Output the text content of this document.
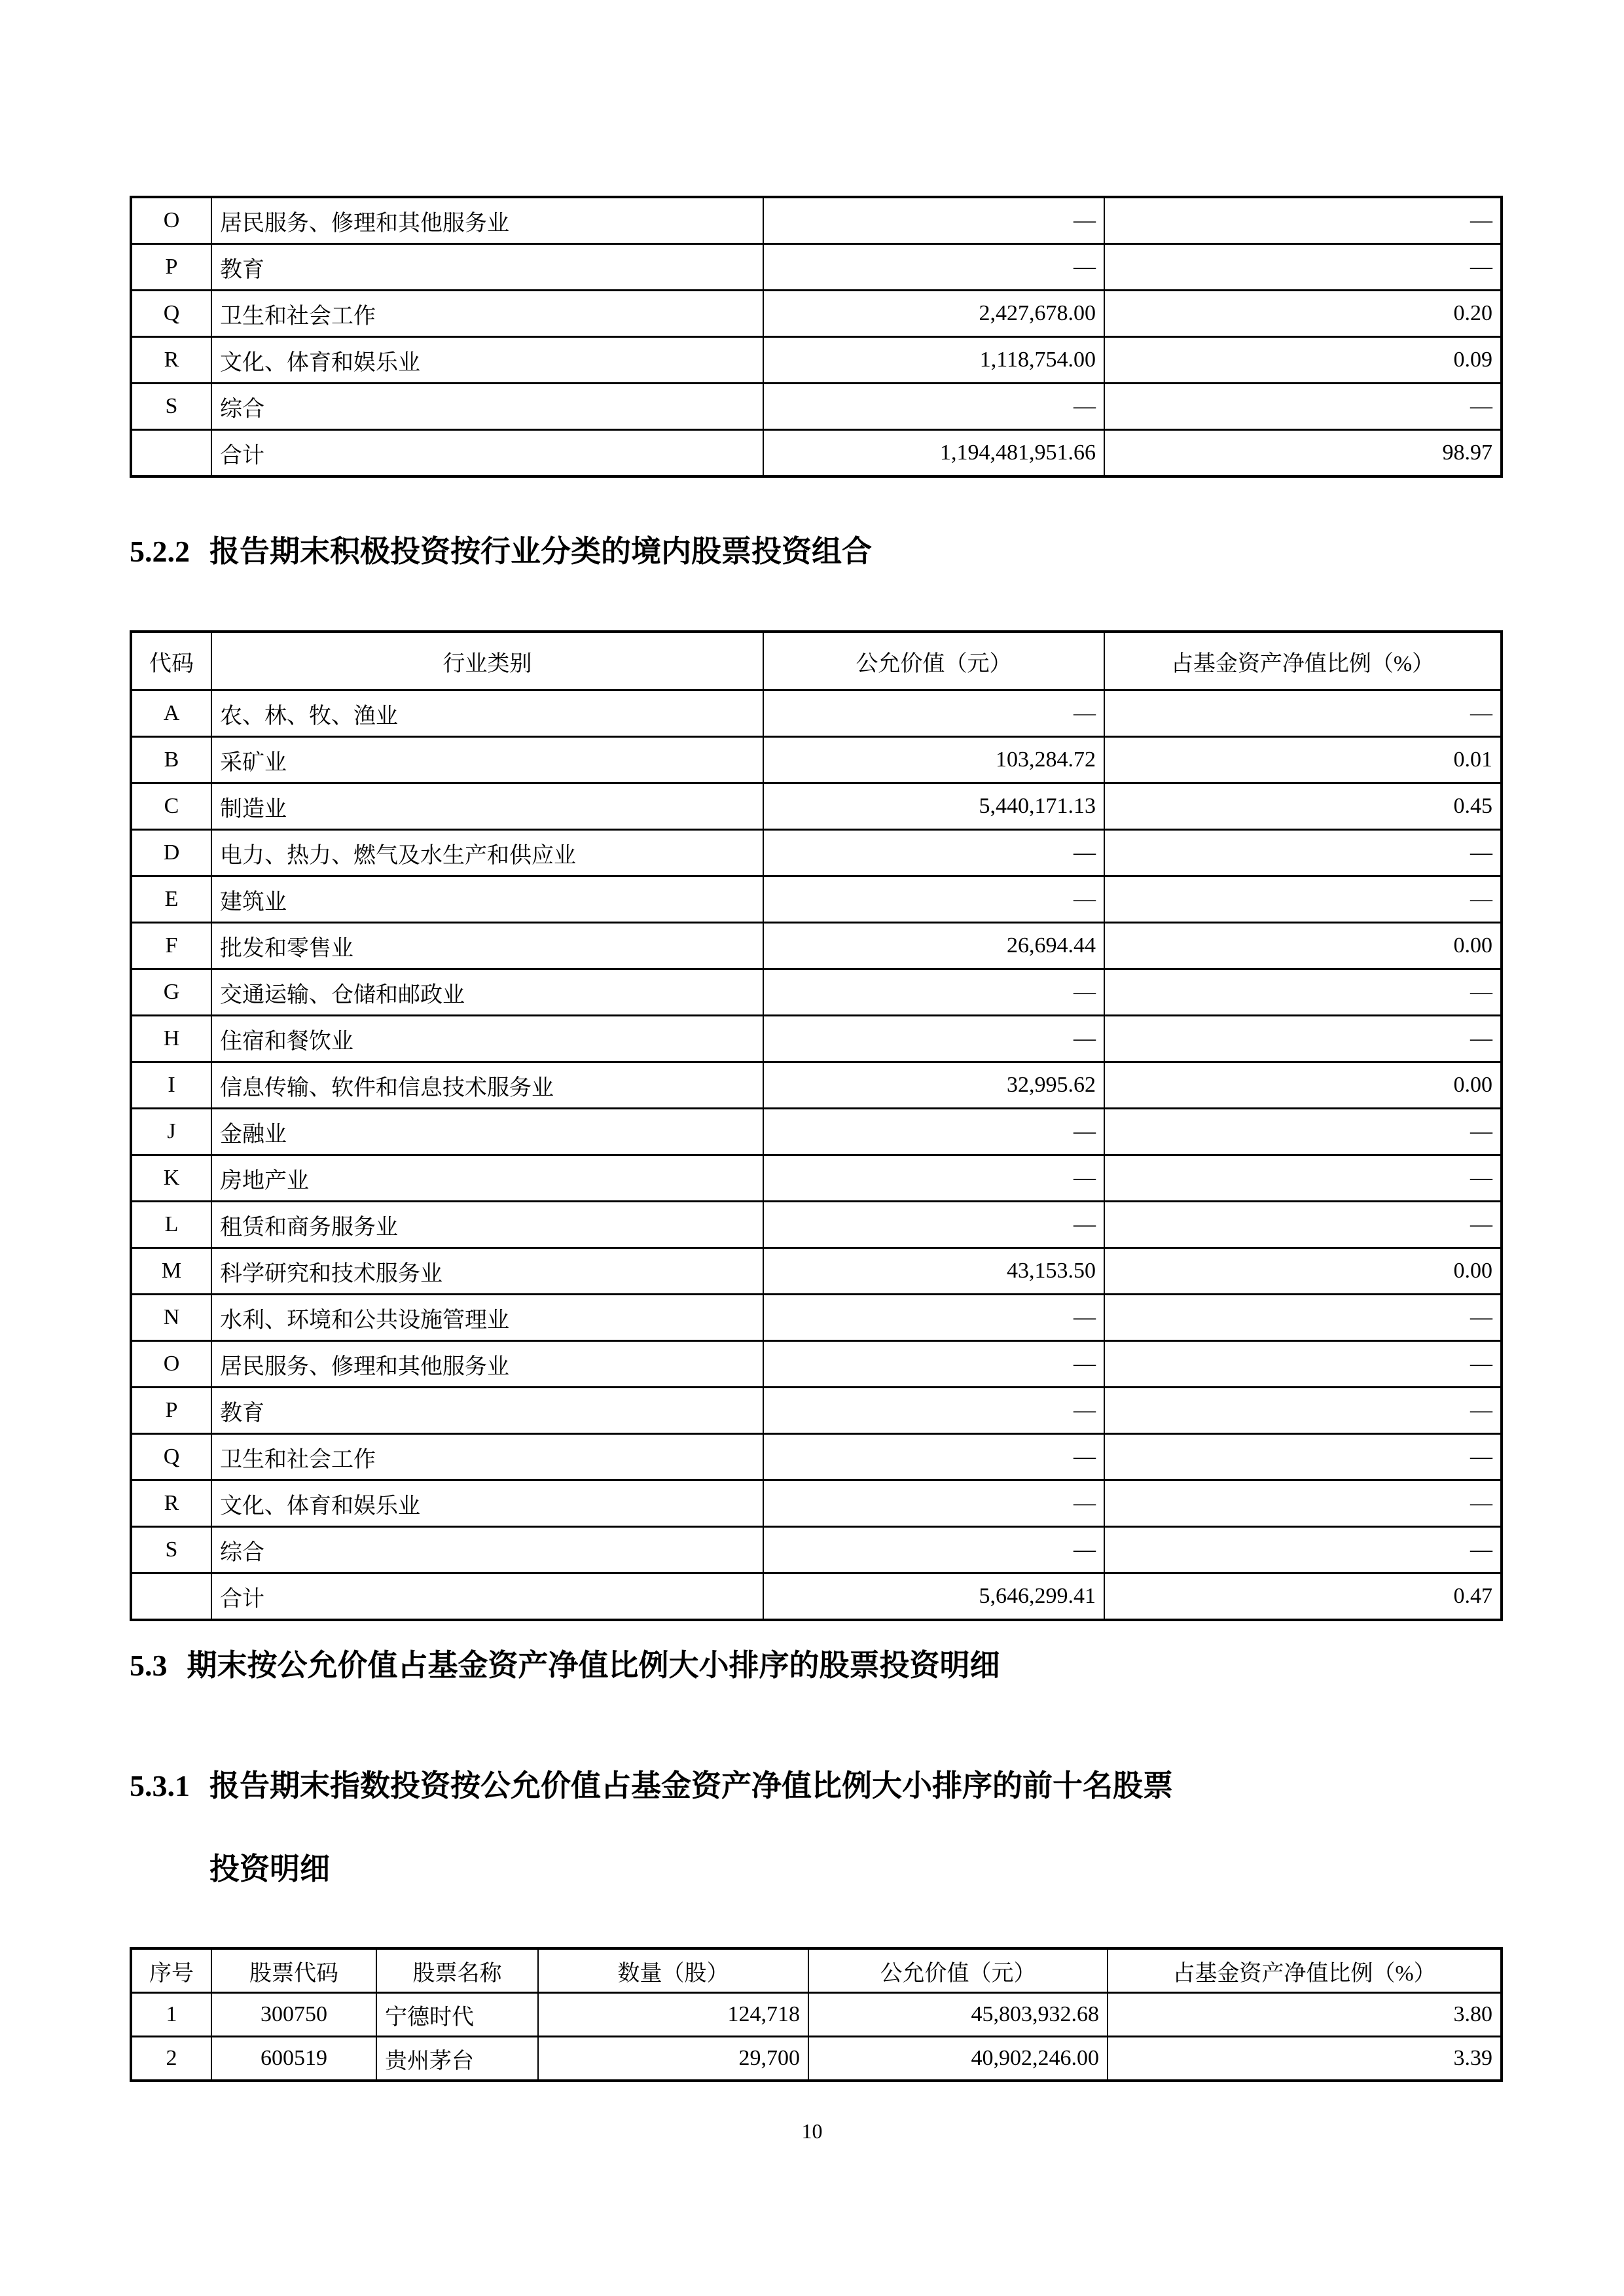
O	居民服务、修理和其他服务业	—	—
P	教育	—	—
Q	卫生和社会工作	2,427,678.00	0.20
R	文化、体育和娱乐业	1,118,754.00	0.09
S	综合	—	—
	合计	1,194,481,951.66	98.97
5.2.2 报告期末积极投资按行业分类的境内股票投资组合
代码	行业类别	公允价值（元）	占基金资产净值比例（%）
A	农、林、牧、渔业	—	—
B	采矿业	103,284.72	0.01
C	制造业	5,440,171.13	0.45
D	电力、热力、燃气及水生产和供应业	—	—
E	建筑业	—	—
F	批发和零售业	26,694.44	0.00
G	交通运输、仓储和邮政业	—	—
H	住宿和餐饮业	—	—
I	信息传输、软件和信息技术服务业	32,995.62	0.00
J	金融业	—	—
K	房地产业	—	—
L	租赁和商务服务业	—	—
M	科学研究和技术服务业	43,153.50	0.00
N	水利、环境和公共设施管理业	—	—
O	居民服务、修理和其他服务业	—	—
P	教育	—	—
Q	卫生和社会工作	—	—
R	文化、体育和娱乐业	—	—
S	综合	—	—
	合计	5,646,299.41	0.47
5.3 期末按公允价值占基金资产净值比例大小排序的股票投资明细
5.3.1 报告期末指数投资按公允价值占基金资产净值比例大小排序的前十名股票
投资明细
序号	股票代码	股票名称	数量（股）	公允价值（元）	占基金资产净值比例（%）
1	300750	宁德时代	124,718	45,803,932.68	3.80
2	600519	贵州茅台	29,700	40,902,246.00	3.39
10
